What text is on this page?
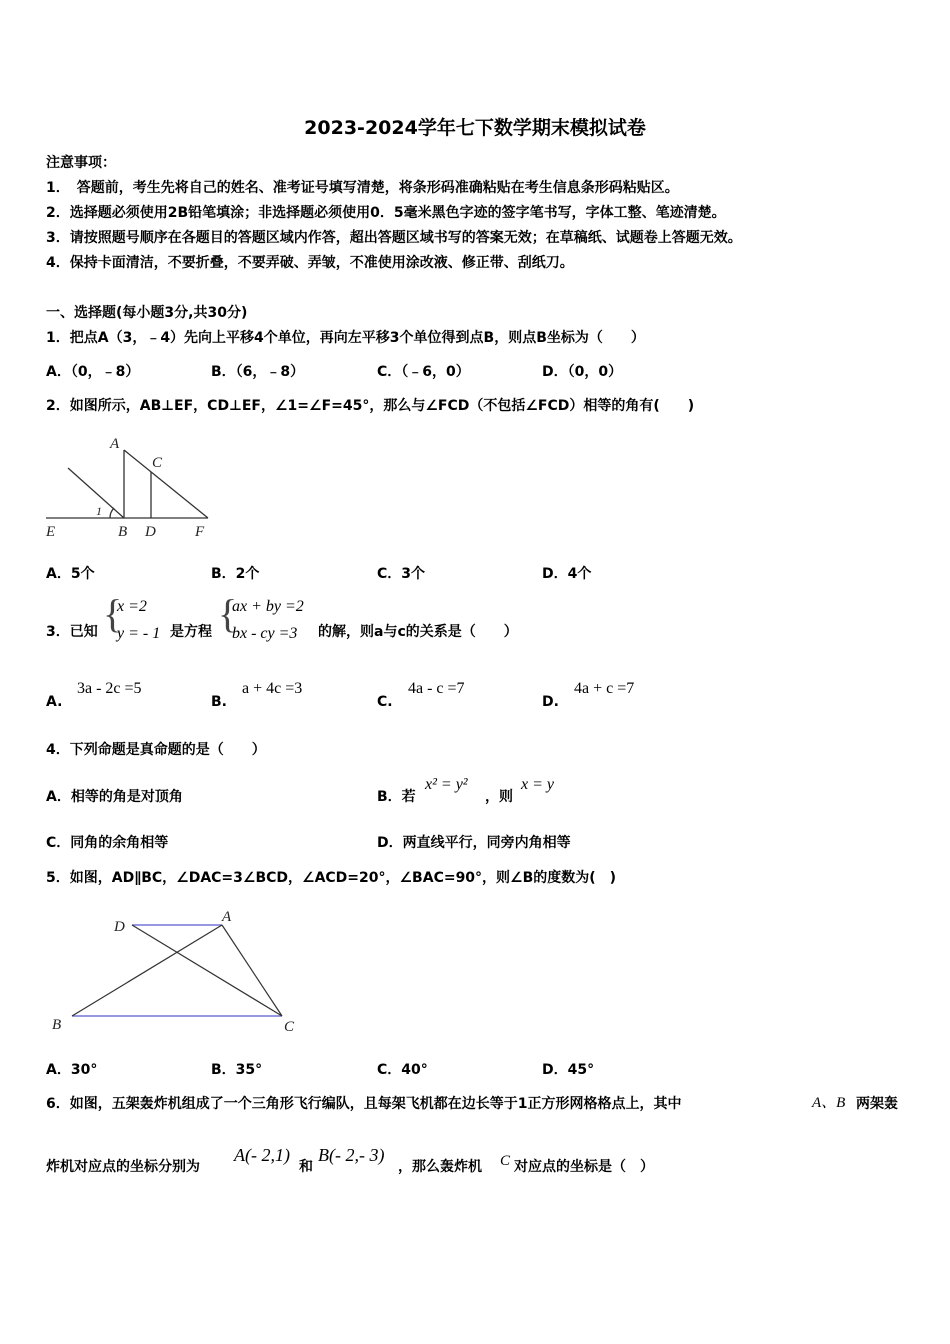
2023-2024学年七下数学期末模拟试卷
注意事项：
1．　答题前，考生先将自己的姓名、准考证号填写清楚，将条形码准确粘贴在考生信息条形码粘贴区。
2．选择题必须使用2B铅笔填涂；非选择题必须使用0．5毫米黑色字迹的签字笔书写，字体工整、笔迹清楚。
3．请按照题号顺序在各题目的答题区域内作答，超出答题区域书写的答案无效；在草稿纸、试题卷上答题无效。
4．保持卡面清洁，不要折叠，不要弄破、弄皱，不准使用涂改液、修正带、刮纸刀。
一、选择题(每小题3分,共30分)
1．把点A（3，﹣4）先向上平移4个单位，再向左平移3个单位得到点B，则点B坐标为（　　）
A．（0，﹣8）	B．（6，﹣8）	C．（﹣6，0）	D．（0，0）
2．如图所示，AB⊥EF，CD⊥EF，∠1=∠F=45°，那么与∠FCD（不包括∠FCD）相等的角有(　　)
A
C
1
E	B D	F
A．5个	B．2个	C．3个	D．4个
3．已知 {
x =2
y = - 1 是方程 {
ax + by =2
bx - cy =3 的解，则a与c的关系是（　　）
A.
3a - 2c =5
B.
a + 4c =3
C.
4a - c =7
D.
4a + c =7
4．下列命题是真命题的是（　　）
A．相等的角是对顶角	B．若
x² = y²
，则
x = y
C．同角的余角相等	D．两直线平行，同旁内角相等
5．如图，AD∥BC，∠DAC=3∠BCD，∠ACD=20°，∠BAC=90°，则∠B的度数为(　)
D
A
B	C
A．30°	B．35°	C．40°	D．45°
6．如图，五架轰炸机组成了一个三角形飞行编队，且每架飞机都在边长等于1正方形网格格点上，其中	A、B 两架轰
炸机对应点的坐标分别为
A(- 2,1)
和
B(- 2,- 3)
，那么轰炸机 C 对应点的坐标是（　）
